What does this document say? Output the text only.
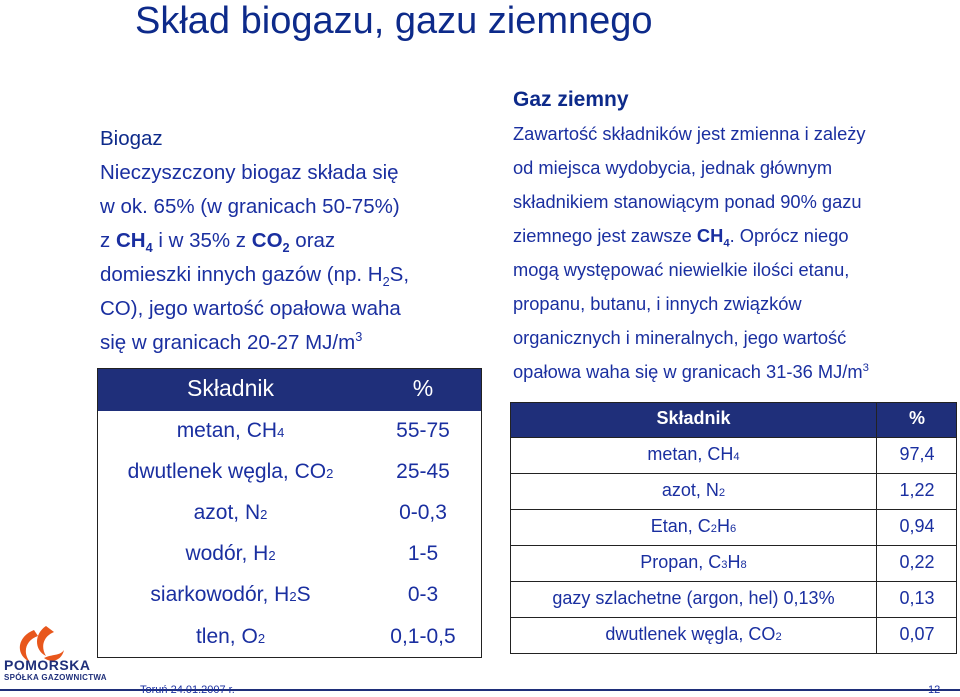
Skład biogazu, gazu ziemnego
Biogaz
Nieczyszczony biogaz składa się
w ok. 65% (w granicach 50-75%)
z $CH_4$ i w 35% z $CO_2$ oraz
domieszki innych gazów (np. $H_2S$,
CO), jego wartość opałowa waha
się w granicach 20-27 $MJ/m^3$
Składnik	%
metan, CH4	55-75
dwutlenek węgla, CO2	25-45
azot, N2	0-0,3
wodór, H2	1-5
siarkowodór, H2S	0-3
tlen, O2	0,1-0,5
Gaz ziemny
Zawartość składników jest zmienna i zależy
od miejsca wydobycia, jednak głównym
składnikiem stanowiącym ponad 90% gazu
ziemnego jest zawsze $CH_4$. Oprócz niego
mogą występować niewielkie ilości etanu,
propanu, butanu, i innych związków
organicznych i mineralnych, jego wartość
opałowa waha się w granicach 31-36 $MJ/m^3$
Składnik	%
metan, CH4	97,4
azot, N2	1,22
Etan, C2H6	0,94
Propan, C3H8	0,22
gazy szlachetne (argon, hel) 0,13%	0,13
dwutlenek węgla, CO2	0,07
POMORSKA
SPÓŁKA GAZOWNICTWA
Toruń 24.01.2007 r.	12
